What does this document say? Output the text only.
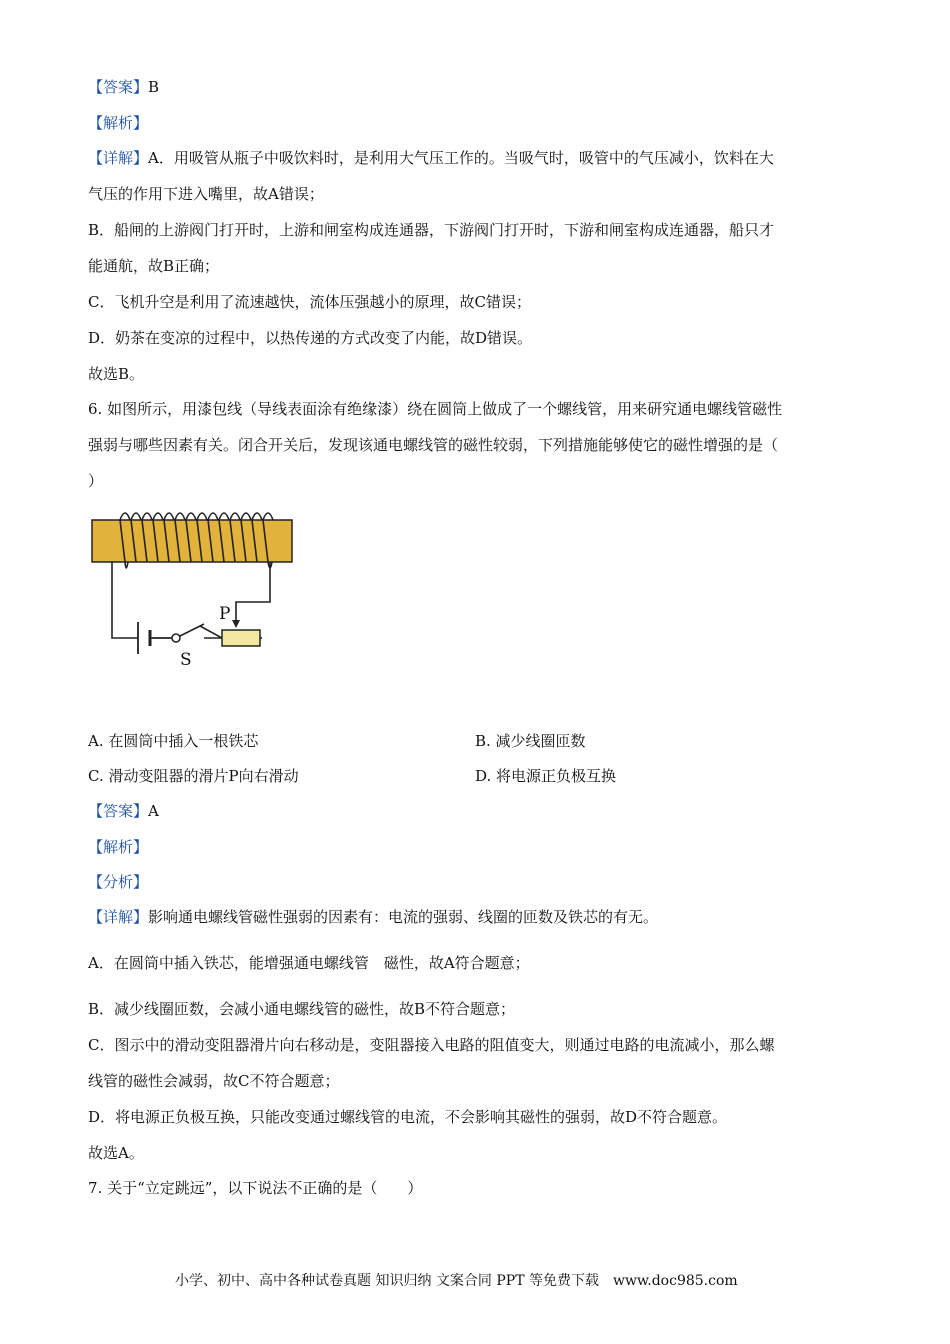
【答案】B
【解析】
【详解】A．用吸管从瓶子中吸饮料时，是利用大气压工作的。当吸气时，吸管中的气压减小，饮料在大
气压的作用下进入嘴里，故A错误；
B．船闸的上游阀门打开时，上游和闸室构成连通器，下游阀门打开时，下游和闸室构成连通器，船只才
能通航，故B正确；
C．飞机升空是利用了流速越快，流体压强越小的原理，故C错误；
D．奶茶在变凉的过程中，以热传递的方式改变了内能，故D错误。
故选B。
6. 如图所示，用漆包线（导线表面涂有绝缘漆）绕在圆筒上做成了一个螺线管，用来研究通电螺线管磁性
强弱与哪些因素有关。闭合开关后，发现该通电螺线管的磁性较弱，下列措施能够使它的磁性增强的是（
）
P
S
A. 在圆筒中插入一根铁芯	B. 减少线圈匝数
C. 滑动变阻器的滑片P向右滑动	D. 将电源正负极互换
【答案】A
【解析】
【分析】
【详解】影响通电螺线管磁性强弱的因素有：电流的强弱、线圈的匝数及铁芯的有无。
A．在圆筒中插入铁芯，能增强通电螺线管　磁性，故A符合题意；
B．减少线圈匝数，会减小通电螺线管的磁性，故B不符合题意；
C．图示中的滑动变阻器滑片向右移动是，变阻器接入电路的阻值变大，则通过电路的电流减小，那么螺
线管的磁性会减弱，故C不符合题意；
D．将电源正负极互换，只能改变通过螺线管的电流，不会影响其磁性的强弱，故D不符合题意。
故选A。
7. 关于“立定跳远”，以下说法不正确的是（　　）
小学、初中、高中各种试卷真题 知识归纳 文案合同 PPT 等免费下载　www.doc985.com
